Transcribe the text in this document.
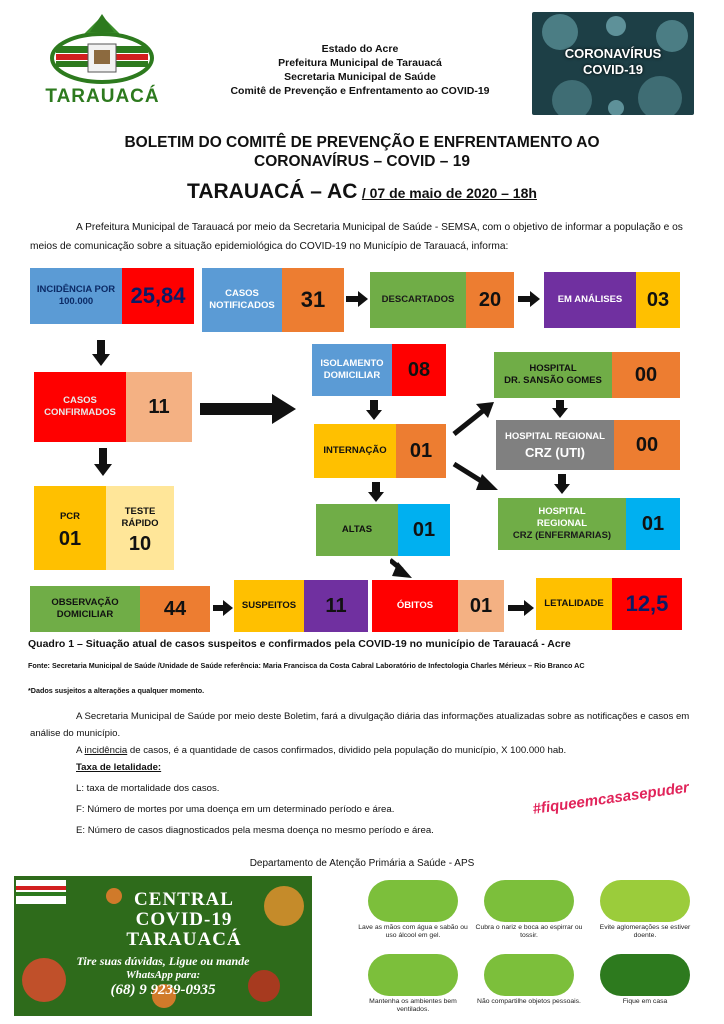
TARAUACÁ
Estado do Acre
Prefeitura Municipal de Tarauacá
Secretaria Municipal de Saúde
Comitê de Prevenção e Enfrentamento ao COVID-19
CORONAVÍRUS
COVID-19
BOLETIM DO COMITÊ DE PREVENÇÃO E ENFRENTAMENTO AO
CORONAVÍRUS – COVID – 19
TARAUACÁ – AC / 07 de maio de 2020 – 18h
A Prefeitura Municipal de Tarauacá por meio da Secretaria Municipal de Saúde - SEMSA, com o objetivo de informar a população e os meios de comunicação sobre a situação epidemiológica do COVID-19 no Município de Tarauacá, informa:
INCIDÊNCIA POR 100.000	25,84	CASOS NOTIFICADOS	31	DESCARTADOS 20	EM ANÁLISES 03
CASOS CONFIRMADOS	11
PCR
01
TESTE RÁPIDO
10
ISOLAMENTO DOMICILIAR	08
INTERNAÇÃO 01
ALTAS 01
HOSPITAL
DR. SANSÃO GOMES 00
HOSPITAL REGIONAL
CRZ (UTI)	00
HOSPITAL
REGIONAL
CRZ (ENFERMARIAS)
01
OBSERVAÇÃO DOMICILIAR	44	SUSPEITOS 11	ÓBITOS 01	LETALIDADE 12,5
Quadro 1 – Situação atual de casos suspeitos e confirmados pela COVID-19 no município de Tarauacá - Acre
Fonte: Secretaria Municipal de Saúde /Unidade de Saúde referência: Maria Francisca da Costa Cabral Laboratório de Infectologia Charles Mérieux – Rio Branco AC
*Dados susjeitos a alterações a qualquer momento.

A Secretaria Municipal de Saúde por meio deste Boletim, fará a divulgação diária das informações atualizadas sobre as notificações e casos em análise do município.

A incidência de casos, é a quantidade de casos confirmados, dividido pela população do município, X 100.000 hab.

Taxa de letalidade:

L: taxa de mortalidade dos casos.

F: Número de mortes por uma doença em um determinado período e área.

E: Número de casos diagnosticados pela mesma doença no mesmo período e área.

#fiqueemcasasepuder
Departamento de Atenção Primária a Saúde - APS
CENTRAL
COVID-19
TARAUACÁ
Tire suas dúvidas, Ligue ou mande
WhatsApp para:
(68) 9 9239-0935
Lave as mãos com água e sabão ou uso álcool em gel.
Cubra o nariz e boca ao espirrar ou tossir.
Evite aglomerações se estiver doente.
Mantenha os ambientes bem ventilados.
Não compartilhe objetos pessoais.	Fique em casa
